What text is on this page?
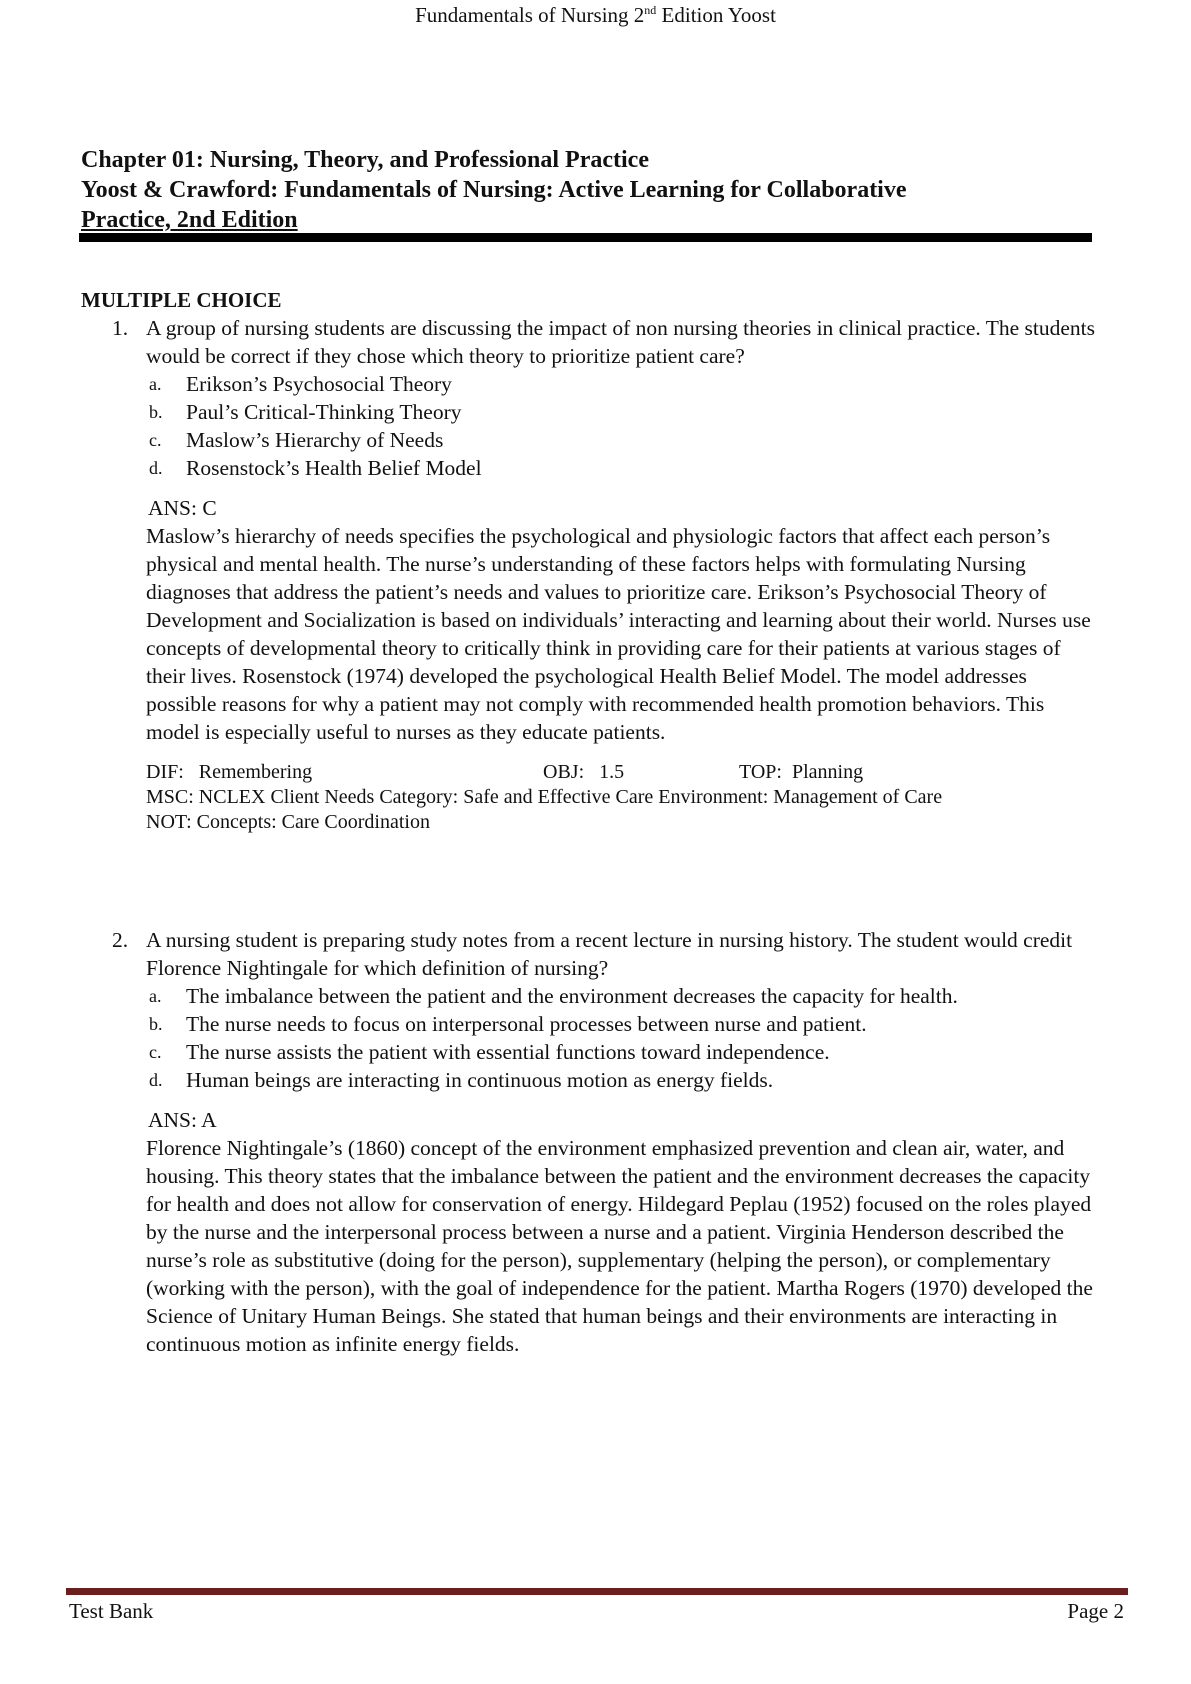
Fundamentals of Nursing 2nd Edition Yoost
Chapter 01: Nursing, Theory, and Professional Practice
Yoost & Crawford: Fundamentals of Nursing: Active Learning for Collaborative
Practice, 2nd Edition
MULTIPLE CHOICE
1. A group of nursing students are discussing the impact of non nursing theories in clinical practice. The students would be correct if they chose which theory to prioritize patient care?
a. Erikson’s Psychosocial Theory
b. Paul’s Critical-Thinking Theory
c. Maslow’s Hierarchy of Needs
d. Rosenstock’s Health Belief Model
ANS: C
Maslow’s hierarchy of needs specifies the psychological and physiologic factors that affect each person’s physical and mental health. The nurse’s understanding of these factors helps with formulating Nursing diagnoses that address the patient’s needs and values to prioritize care. Erikson’s Psychosocial Theory of Development and Socialization is based on individuals’ interacting and learning about their world. Nurses use concepts of developmental theory to critically think in providing care for their patients at various stages of their lives. Rosenstock (1974) developed the psychological Health Belief Model. The model addresses possible reasons for why a patient may not comply with recommended health promotion behaviors. This model is especially useful to nurses as they educate patients.
DIF:   Remembering	OBJ:   1.5	TOP:  Planning
MSC: NCLEX Client Needs Category: Safe and Effective Care Environment: Management of Care
NOT: Concepts: Care Coordination
2. A nursing student is preparing study notes from a recent lecture in nursing history. The student would credit Florence Nightingale for which definition of nursing?
a. The imbalance between the patient and the environment decreases the capacity for health.
b. The nurse needs to focus on interpersonal processes between nurse and patient.
c. The nurse assists the patient with essential functions toward independence.
d. Human beings are interacting in continuous motion as energy fields.
ANS: A
Florence Nightingale’s (1860) concept of the environment emphasized prevention and clean air, water, and housing. This theory states that the imbalance between the patient and the environment decreases the capacity for health and does not allow for conservation of energy. Hildegard Peplau (1952) focused on the roles played by the nurse and the interpersonal process between a nurse and a patient. Virginia Henderson described the nurse’s role as substitutive (doing for the person), supplementary (helping the person), or complementary (working with the person), with the goal of independence for the patient. Martha Rogers (1970) developed the Science of Unitary Human Beings. She stated that human beings and their environments are interacting in continuous motion as infinite energy fields.
Test Bank	Page 2
